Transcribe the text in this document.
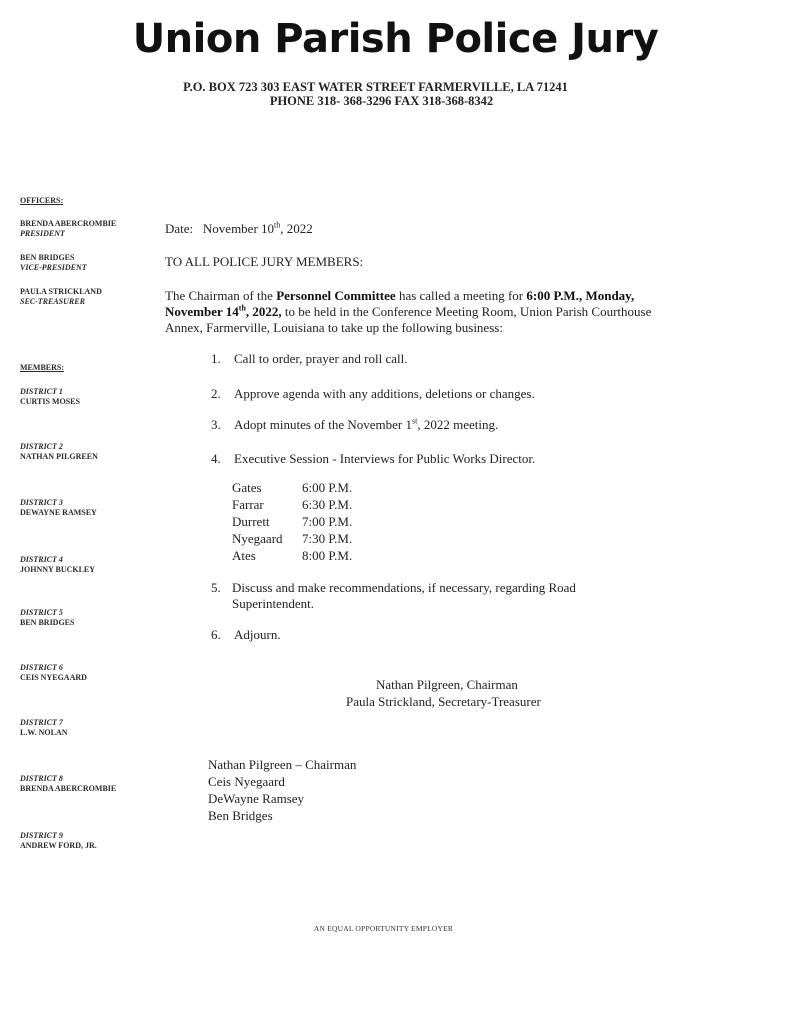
Union Parish Police Jury
P.O. BOX 723 303 EAST WATER STREET FARMERVILLE, LA 71241
PHONE 318- 368-3296 FAX 318-368-8342
OFFICERS:
BRENDA ABERCROMBIE
PRESIDENT
BEN BRIDGES
VICE-PRESIDENT
PAULA STRICKLAND
SEC-TREASURER
MEMBERS:
DISTRICT 1
CURTIS MOSES
DISTRICT 2
NATHAN PILGREEN
DISTRICT 3
DEWAYNE RAMSEY
DISTRICT 4
JOHNNY BUCKLEY
DISTRICT 5
BEN BRIDGES
DISTRICT 6
CEIS NYEGAARD
DISTRICT 7
L.W. NOLAN
DISTRICT 8
BRENDA ABERCROMBIE
DISTRICT 9
ANDREW FORD, JR.
Date: November 10th, 2022
TO ALL POLICE JURY MEMBERS:
The Chairman of the Personnel Committee has called a meeting for 6:00 P.M., Monday,
November 14th, 2022, to be held in the Conference Meeting Room, Union Parish Courthouse
Annex, Farmerville, Louisiana to take up the following business:
1. Call to order, prayer and roll call.
2. Approve agenda with any additions, deletions or changes.
3. Adopt minutes of the November 1st, 2022 meeting.
4. Executive Session - Interviews for Public Works Director.
5. Discuss and make recommendations, if necessary, regarding Road
Superintendent.
6. Adjourn.
Gates	6:00 P.M.
Farrar	6:30 P.M.
Durrett	7:00 P.M.
Nyegaard	7:30 P.M.
Ates	8:00 P.M.
Nathan Pilgreen, Chairman
Paula Strickland, Secretary-Treasurer
Nathan Pilgreen – Chairman
Ceis Nyegaard
DeWayne Ramsey
Ben Bridges
AN EQUAL OPPORTUNITY EMPLOYER
